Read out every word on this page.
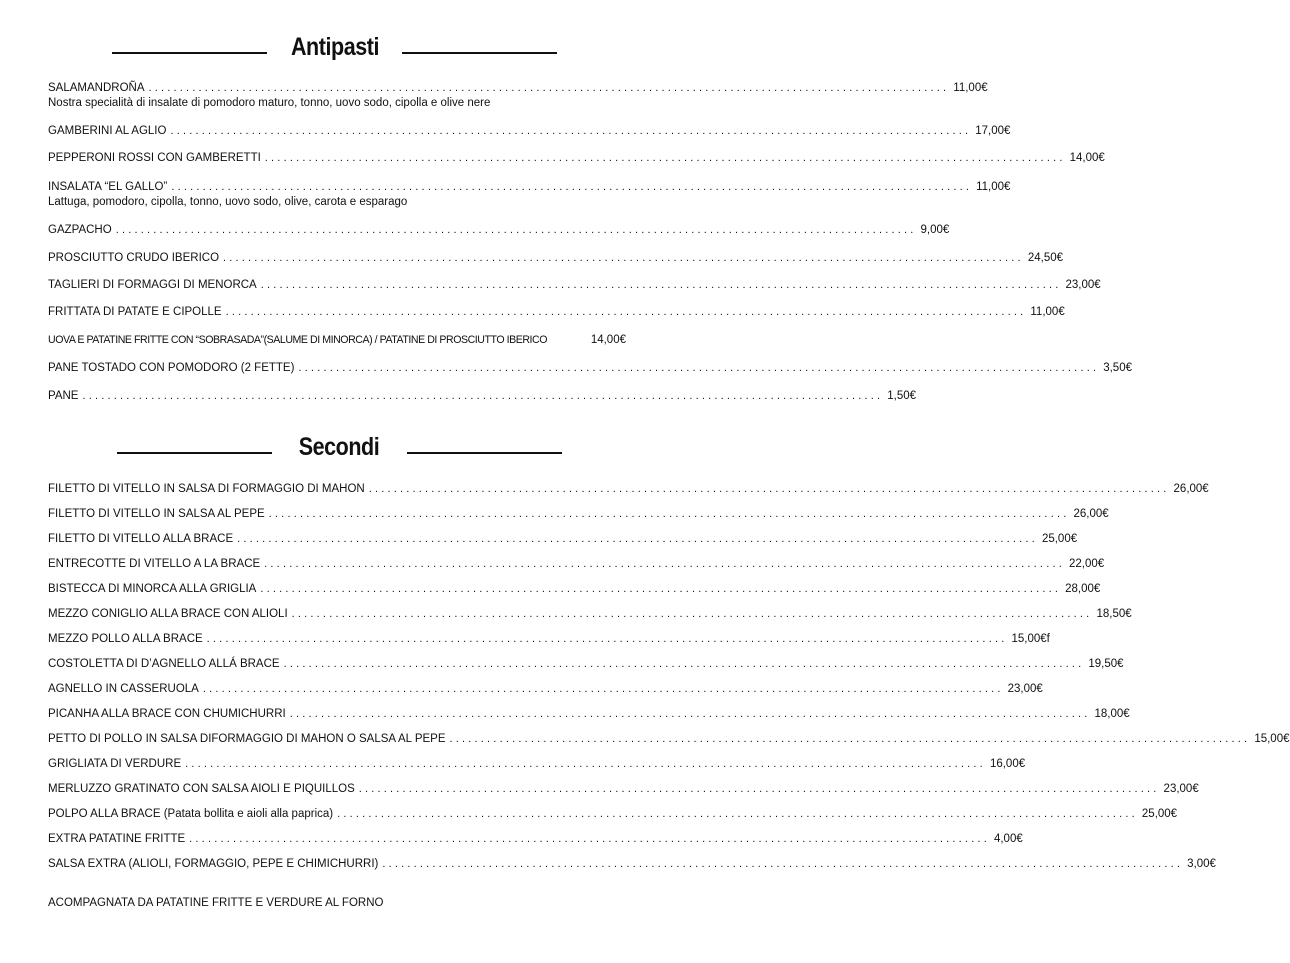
Antipasti
SALAMANDROÑA ................................................................................................................................ 11,00€
Nostra specialità di insalate di pomodoro maturo, tonno, uovo sodo, cipolla e olive nere
GAMBERINI AL AGLIO ................................................................................................................................ 17,00€
PEPPERONI ROSSI CON GAMBERETTI ................................................................................................................................ 14,00€
INSALATA “EL GALLO” ................................................................................................................................ 11,00€
Lattuga, pomodoro, cipolla, tonno, uovo sodo, olive, carota e esparago
GAZPACHO ................................................................................................................................ 9,00€
PROSCIUTTO CRUDO IBERICO ................................................................................................................................ 24,50€
TAGLIERI DI FORMAGGI DI MENORCA ................................................................................................................................ 23,00€
FRITTATA DI PATATE E CIPOLLE ................................................................................................................................ 11,00€
UOVA E PATATINE FRITTE CON “SOBRASADA”(SALUME DI MINORCA) / PATATINE DI PROSCIUTTO IBERICO	14,00€
PANE TOSTADO CON POMODORO (2 FETTE) ................................................................................................................................ 3,50€
PANE ................................................................................................................................ 1,50€
Secondi
FILETTO DI VITELLO IN SALSA DI FORMAGGIO DI MAHON ................................................................................................................................ 26,00€
FILETTO DI VITELLO IN SALSA AL PEPE ................................................................................................................................ 26,00€
FILETTO DI VITELLO ALLA BRACE ................................................................................................................................ 25,00€
ENTRECOTTE DI VITELLO A LA BRACE ................................................................................................................................ 22,00€
BISTECCA DI MINORCA ALLA GRIGLIA ................................................................................................................................ 28,00€
MEZZO CONIGLIO ALLA BRACE CON ALIOLI ................................................................................................................................ 18,50€
MEZZO POLLO ALLA BRACE ................................................................................................................................ 15,00€f
COSTOLETTA DI D’AGNELLO ALLÁ BRACE ................................................................................................................................ 19,50€
AGNELLO IN CASSERUOLA ................................................................................................................................ 23,00€
PICANHA ALLA BRACE CON CHUMICHURRI ................................................................................................................................ 18,00€
PETTO DI POLLO IN SALSA DIFORMAGGIO DI MAHON O SALSA AL PEPE ................................................................................................................................ 15,00€
GRIGLIATA DI VERDURE ................................................................................................................................ 16,00€
MERLUZZO GRATINATO CON SALSA AIOLI E PIQUILLOS ................................................................................................................................ 23,00€
POLPO ALLA BRACE (Patata bollita e aioli alla paprica) ................................................................................................................................ 25,00€
EXTRA PATATINE FRITTE ................................................................................................................................ 4,00€
SALSA EXTRA (ALIOLI, FORMAGGIO, PEPE E CHIMICHURRI) ................................................................................................................................ 3,00€
ACOMPAGNATA DA PATATINE FRITTE E VERDURE AL FORNO
